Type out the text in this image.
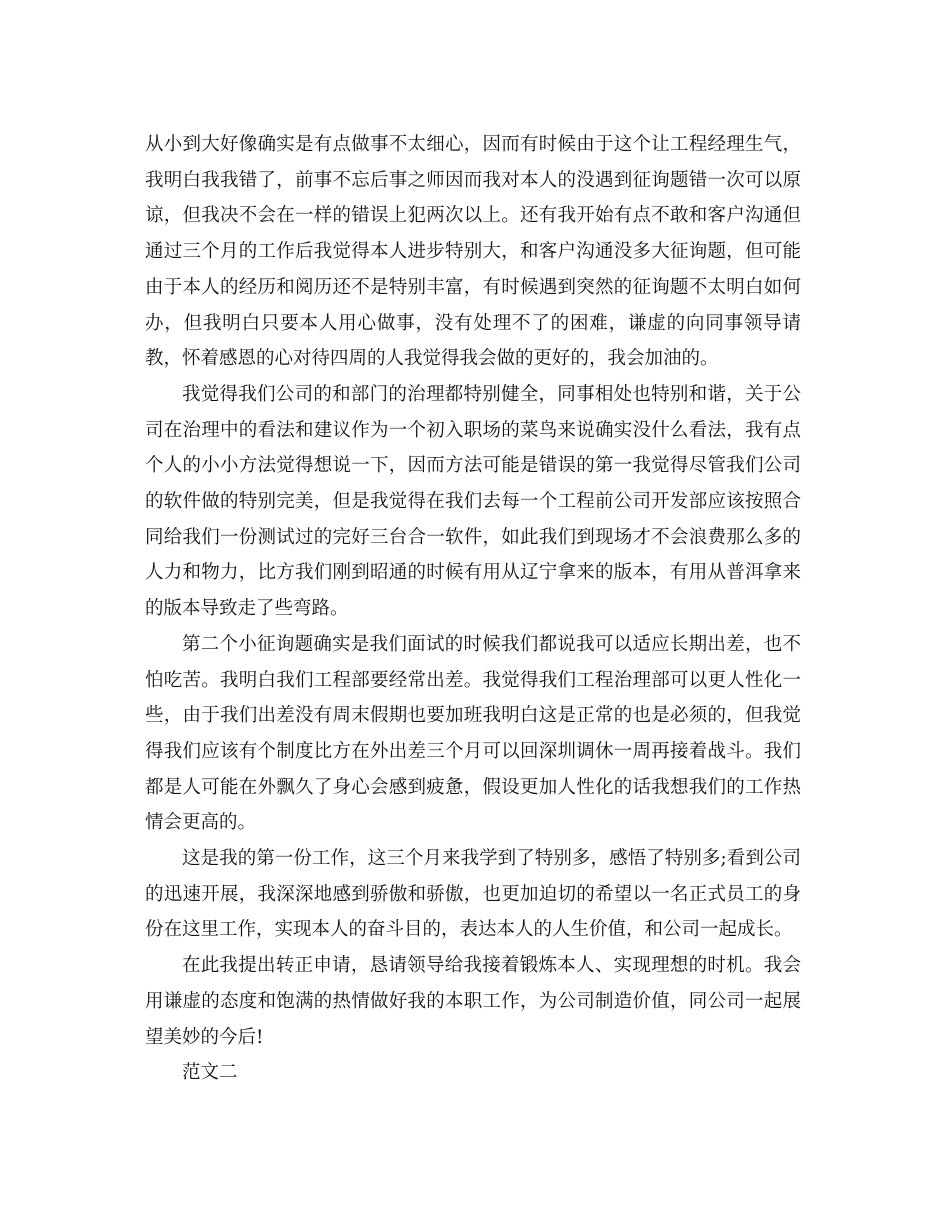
从小到大好像确实是有点做事不太细心，因而有时候由于这个让工程经理生气，我明白我我错了，前事不忘后事之师因而我对本人的没遇到征询题错一次可以原谅，但我决不会在一样的错误上犯两次以上。还有我开始有点不敢和客户沟通但通过三个月的工作后我觉得本人进步特别大，和客户沟通没多大征询题，但可能由于本人的经历和阅历还不是特别丰富，有时候遇到突然的征询题不太明白如何办，但我明白只要本人用心做事，没有处理不了的困难，谦虚的向同事领导请教，怀着感恩的心对待四周的人我觉得我会做的更好的，我会加油的。

我觉得我们公司的和部门的治理都特别健全，同事相处也特别和谐，关于公司在治理中的看法和建议作为一个初入职场的菜鸟来说确实没什么看法，我有点个人的小小方法觉得想说一下，因而方法可能是错误的第一我觉得尽管我们公司的软件做的特别完美，但是我觉得在我们去每一个工程前公司开发部应该按照合同给我们一份测试过的完好三台合一软件，如此我们到现场才不会浪费那么多的人力和物力，比方我们刚到昭通的时候有用从辽宁拿来的版本，有用从普洱拿来的版本导致走了些弯路。

第二个小征询题确实是我们面试的时候我们都说我可以适应长期出差，也不怕吃苦。我明白我们工程部要经常出差。我觉得我们工程治理部可以更人性化一些，由于我们出差没有周末假期也要加班我明白这是正常的也是必须的，但我觉得我们应该有个制度比方在外出差三个月可以回深圳调休一周再接着战斗。我们都是人可能在外飘久了身心会感到疲惫，假设更加人性化的话我想我们的工作热情会更高的。

这是我的第一份工作，这三个月来我学到了特别多，感悟了特别多;看到公司的迅速开展，我深深地感到骄傲和骄傲，也更加迫切的希望以一名正式员工的身份在这里工作，实现本人的奋斗目的，表达本人的人生价值，和公司一起成长。

在此我提出转正申请，恳请领导给我接着锻炼本人、实现理想的时机。我会用谦虚的态度和饱满的热情做好我的本职工作，为公司制造价值，同公司一起展望美妙的今后!

范文二
